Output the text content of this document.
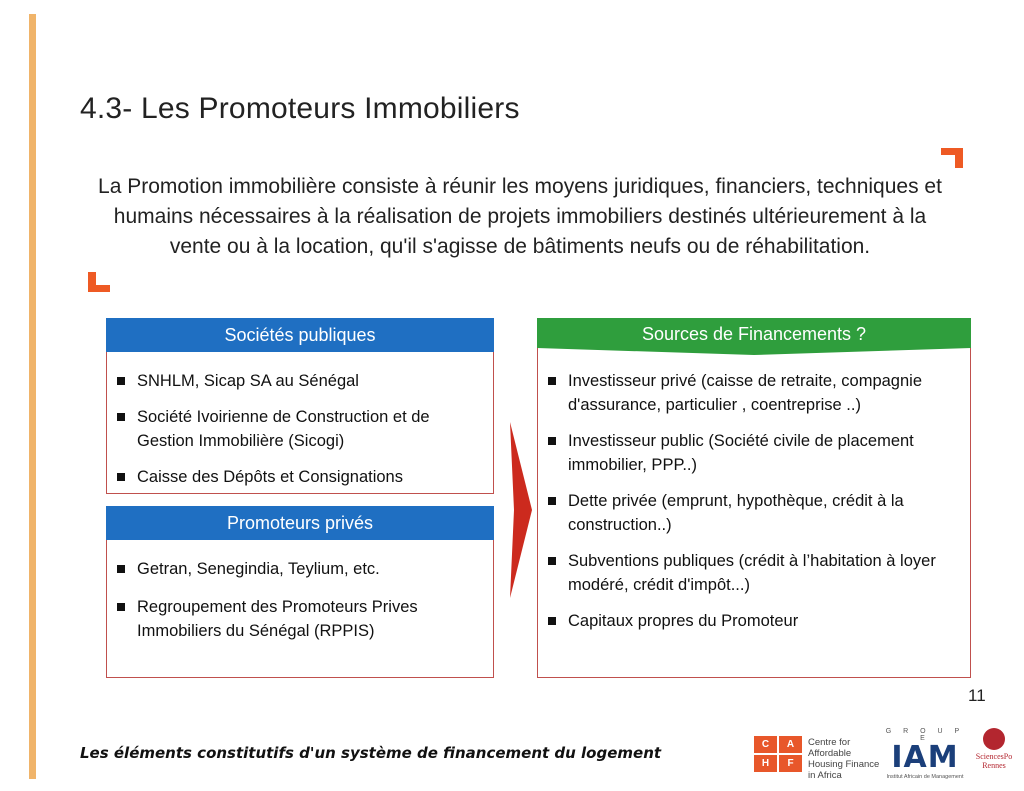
4.3- Les Promoteurs Immobiliers
La Promotion immobilière consiste à réunir les moyens juridiques, financiers, techniques et humains nécessaires à la réalisation de projets immobiliers destinés ultérieurement à la vente ou à la location, qu'il s'agisse de bâtiments neufs ou de réhabilitation.
Sociétés publiques
SNHLM, Sicap SA au Sénégal
Société Ivoirienne de Construction et de Gestion Immobilière (Sicogi)
Caisse des Dépôts et Consignations
Promoteurs privés
Getran, Senegindia, Teylium, etc.
Regroupement des Promoteurs Prives Immobiliers du Sénégal (RPPIS)
Sources de Financements ?
Investisseur privé (caisse de retraite, compagnie d'assurance, particulier , coentreprise ..)
Investisseur public (Société civile de placement immobilier, PPP..)
Dette privée (emprunt, hypothèque, crédit à la construction..)
Subventions publiques (crédit à l’habitation à loyer modéré, crédit d'impôt...)
Capitaux propres du Promoteur
11
Les éléments constitutifs d'un système de financement du logement	C	A
H	F
Centre for Affordable Housing Finance in Africa
G R O U P E
IAM
Institut Africain de Management
SciencesPo
Rennes
